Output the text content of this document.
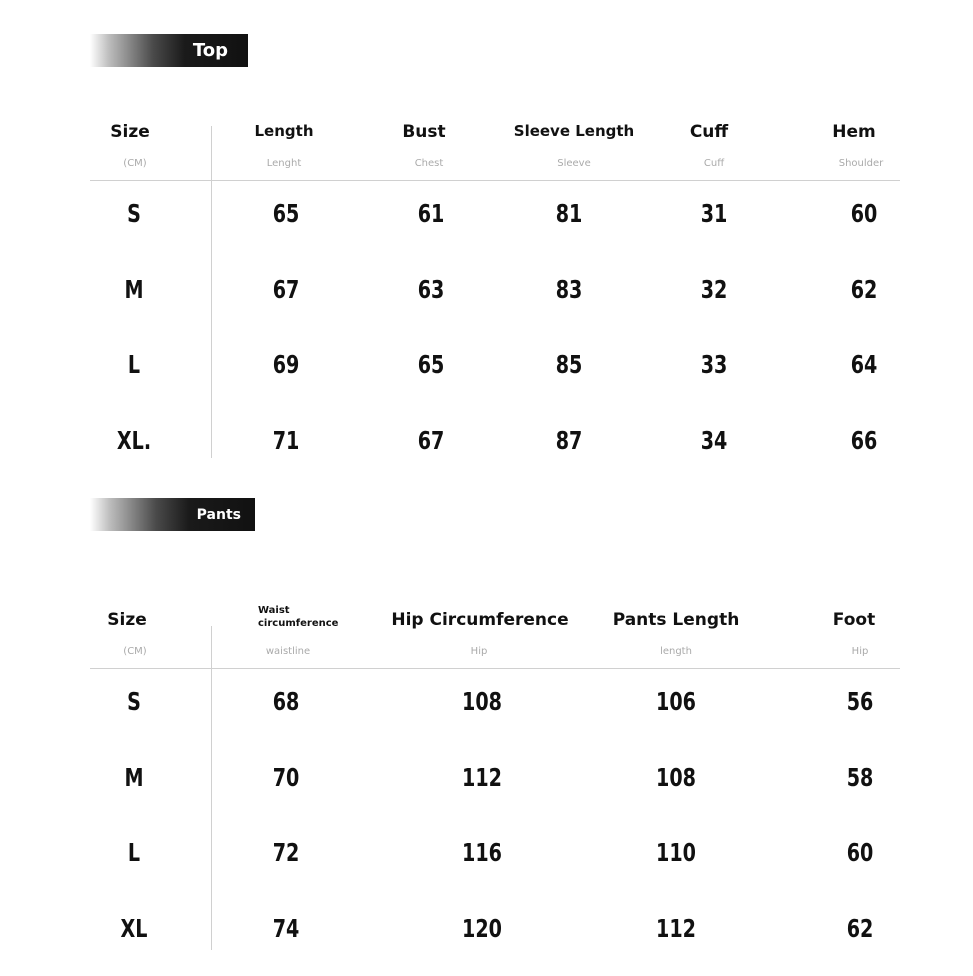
Top
Size	Length	Bust	Sleeve Length	Cuff	Hem
(CM)	Lenght	Chest	Sleeve	Cuff	Shoulder
S	65	61	81	31	60
M	67	63	83	32	62
L	69	65	85	33	64
XL.	71	67	87	34	66
Pants
Size	Waist circumference	Hip Circumference	Pants Length	Foot
(CM)	waistline	Hip	length	Hip
S	68	108	106	56
M	70	112	108	58
L	72	116	110	60
XL	74	120	112	62
